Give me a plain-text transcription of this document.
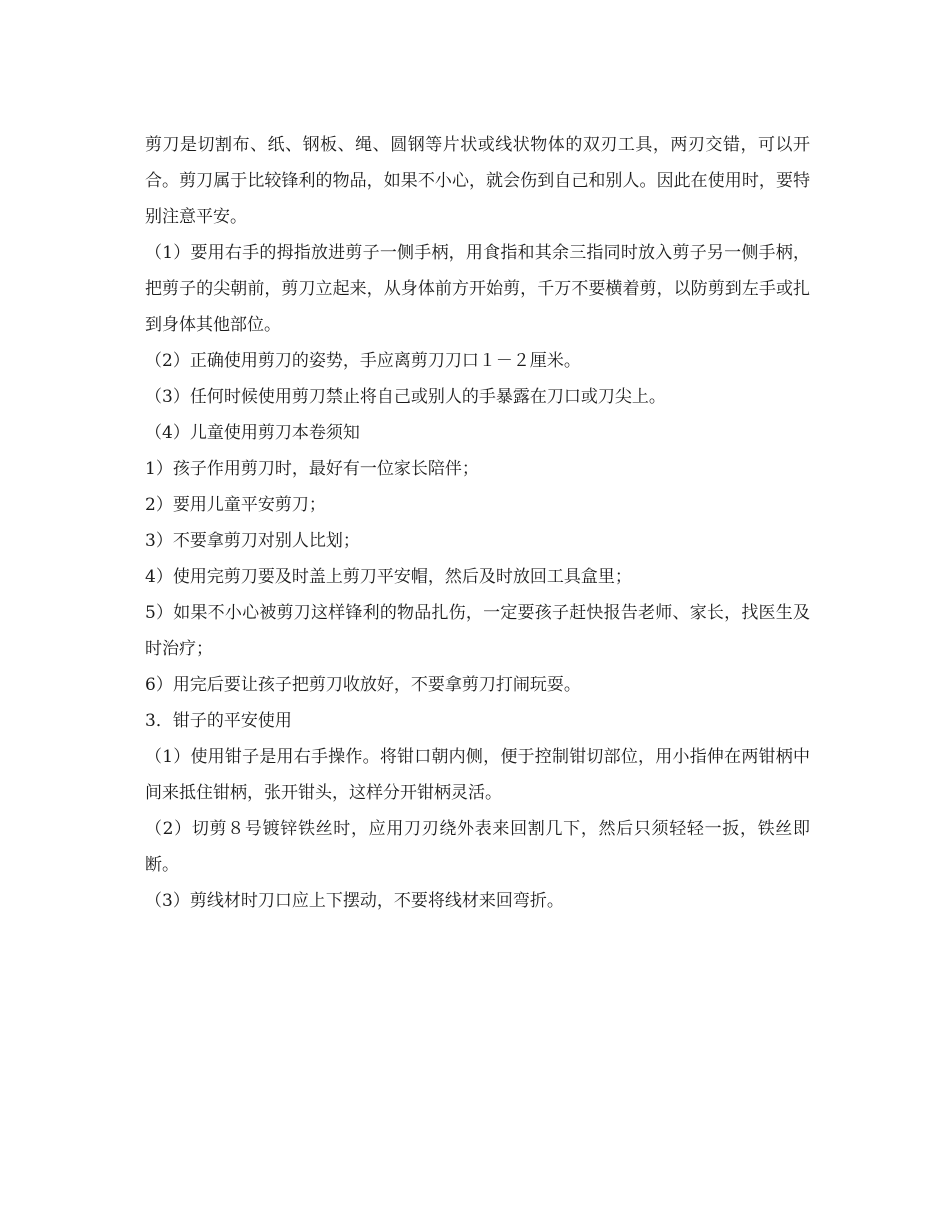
剪刀是切割布、纸、钢板、绳、圆钢等片状或线状物体的双刃工具，两刃交错，可以开合。剪刀属于比较锋利的物品，如果不小心，就会伤到自己和别人。因此在使用时，要特别注意平安。

（1）要用右手的拇指放进剪子一侧手柄，用食指和其余三指同时放入剪子另一侧手柄，把剪子的尖朝前，剪刀立起来，从身体前方开始剪，千万不要横着剪，以防剪到左手或扎到身体其他部位。

（2）正确使用剪刀的姿势，手应离剪刀刀口１－２厘米。

（3）任何时候使用剪刀禁止将自己或别人的手暴露在刀口或刀尖上。

（4）儿童使用剪刀本卷须知

1）孩子作用剪刀时，最好有一位家长陪伴；

2）要用儿童平安剪刀；

3）不要拿剪刀对别人比划；

4）使用完剪刀要及时盖上剪刀平安帽，然后及时放回工具盒里；

5）如果不小心被剪刀这样锋利的物品扎伤，一定要孩子赶快报告老师、家长，找医生及时治疗；

6）用完后要让孩子把剪刀收放好，不要拿剪刀打闹玩耍。

3．钳子的平安使用

（1）使用钳子是用右手操作。将钳口朝内侧，便于控制钳切部位，用小指伸在两钳柄中间来抵住钳柄，张开钳头，这样分开钳柄灵活。

（2）切剪８号镀锌铁丝时，应用刀刃绕外表来回割几下，然后只须轻轻一扳，铁丝即断。

（3）剪线材时刀口应上下摆动，不要将线材来回弯折。
